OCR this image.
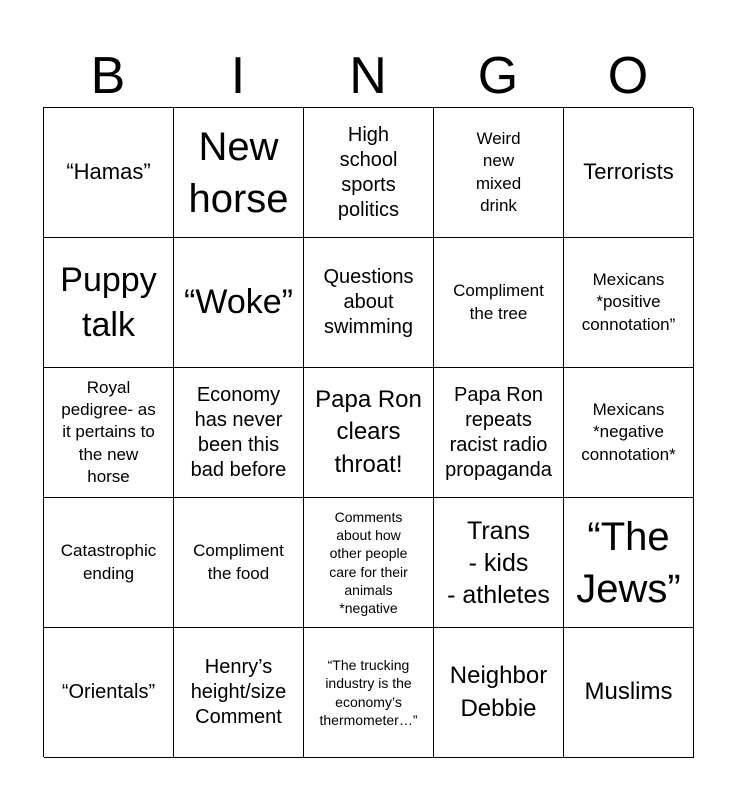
B	I	N	G	O
“Hamas”
New
horse
High
school
sports
politics
Weird
new
mixed
drink
Terrorists
Puppy
talk
“Woke”
Questions
about
swimming
Compliment
the tree
Mexicans
*positive
connotation”
Royal
pedigree- as
it pertains to
the new
horse
Economy
has never
been this
bad before
Papa Ron
clears
throat!
Papa Ron
repeats
racist radio
propaganda
Mexicans
*negative
connotation*
Catastrophic
ending
Compliment
the food
Comments
about how
other people
care for their
animals
*negative
Trans
- kids
- athletes
“The
Jews”
“Orientals”
Henry’s
height/size
Comment
“The trucking
industry is the
economy’s
thermometer…”
Neighbor
Debbie
Muslims
